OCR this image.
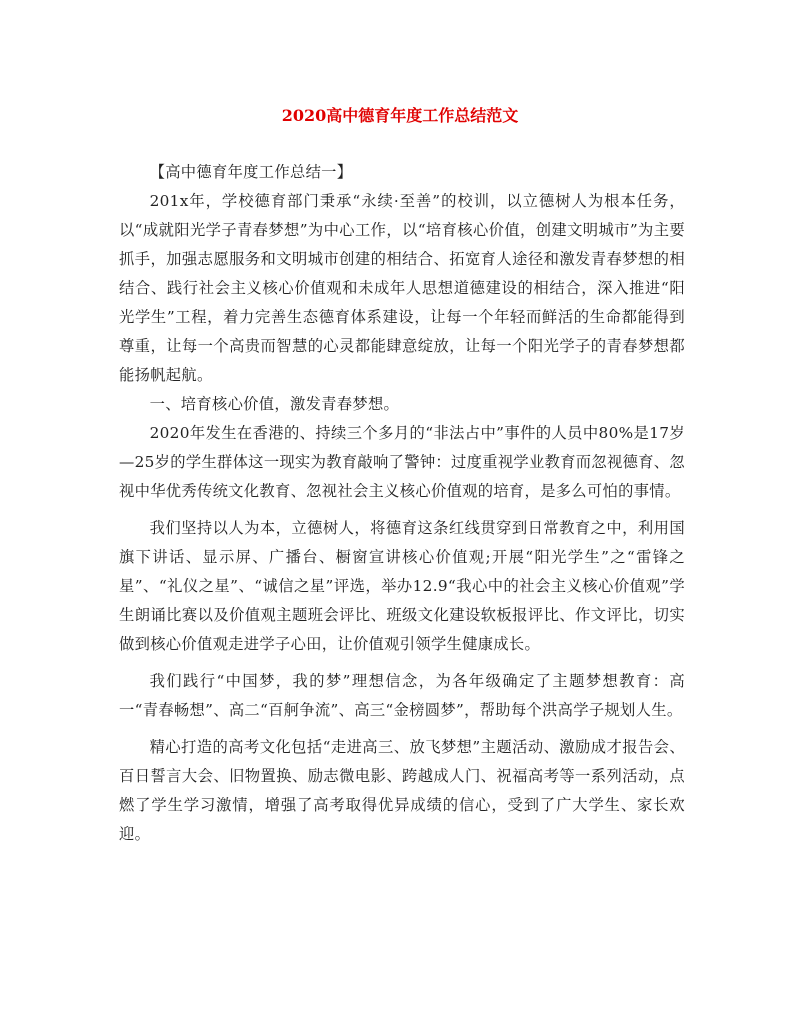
2020高中德育年度工作总结范文

【高中德育年度工作总结一】

201x年，学校德育部门秉承“永续·至善”的校训，以立德树人为根本任务，以“成就阳光学子青春梦想”为中心工作，以“培育核心价值，创建文明城市”为主要抓手，加强志愿服务和文明城市创建的相结合、拓宽育人途径和激发青春梦想的相结合、践行社会主义核心价值观和未成年人思想道德建设的相结合，深入推进“阳光学生”工程，着力完善生态德育体系建设，让每一个年轻而鲜活的生命都能得到尊重，让每一个高贵而智慧的心灵都能肆意绽放，让每一个阳光学子的青春梦想都能扬帆起航。

一、培育核心价值，激发青春梦想。

2020年发生在香港的、持续三个多月的“非法占中”事件的人员中80%是17岁—25岁的学生群体这一现实为教育敲响了警钟：过度重视学业教育而忽视德育、忽视中华优秀传统文化教育、忽视社会主义核心价值观的培育，是多么可怕的事情。

我们坚持以人为本，立德树人，将德育这条红线贯穿到日常教育之中，利用国旗下讲话、显示屏、广播台、橱窗宣讲核心价值观;开展“阳光学生”之“雷锋之星”、“礼仪之星”、“诚信之星”评选，举办12.9“我心中的社会主义核心价值观”学生朗诵比赛以及价值观主题班会评比、班级文化建设软板报评比、作文评比，切实做到核心价值观走进学子心田，让价值观引领学生健康成长。

我们践行“中国梦，我的梦”理想信念，为各年级确定了主题梦想教育：高一“青春畅想”、高二“百舸争流”、高三“金榜圆梦”，帮助每个洪高学子规划人生。

精心打造的高考文化包括“走进高三、放飞梦想”主题活动、激励成才报告会、百日誓言大会、旧物置换、励志微电影、跨越成人门、祝福高考等一系列活动，点燃了学生学习激情，增强了高考取得优异成绩的信心，受到了广大学生、家长欢迎。
